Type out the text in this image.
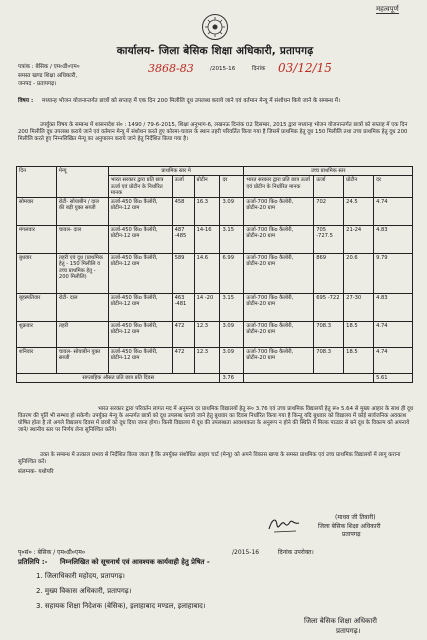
महत्वपूर्ण
कार्यालय- जिला बेसिक शिक्षा अधिकारी, प्रतापगढ़
पत्रांक : बेसिक / एम०डी०एम०	3868-83	/2015-16	दिनांक 03/12/15
समस्त खण्ड शिक्षा अधिकारी,
जनपद - प्रतापगढ़।
विषय : मध्यान्ह भोजन योजनान्तर्गत छात्रों को सप्ताह में एक दिन 200 मिलीलि दूध उपलब्ध कराये जाने एवं वर्तमान मेन्यू में संशोधन किये जाने के सम्बन्ध में।
उपर्युक्त विषय के सम्बन्ध में शासनादेश सं० : 1490 / 79-6-2015, शिक्षा अनुभाग-6, लखनऊ दिनांक 02 दिसम्बर, 2015 द्वारा मध्यान्ह भोजन योजनान्तर्गत छात्रों को सप्ताह में एक दिन 200 मिलीलि दूध उपलब्ध कराये जाने एवं वर्तमान मेन्यू में संशोधन करते हुए कोरमा-चावल के स्थान तहरी परिवर्तित किया गया है जिसमें प्राथमिक हेतु दूध 150 मिलीलि तथा उच्च प्राथमिक हेतु दूध 200 मिलीलि करते हुए निम्नलिखित मेन्यू का अनुपालन कराये जाने हेतु निर्देशित किया गया है।
दिन	मेन्यू	प्राथमिक स्तर मे				उच्च प्राथमिक स्तर			
		भारत सरकार द्वारा प्रति छात्र ऊर्जा एवं प्रोटीन के निर्धारित मानक	ऊर्जा	प्रोटीन	दर	भारत सरकार द्वारा प्रति छात्र ऊर्जा एवं प्रोटीन के निर्धारित मानक	ऊर्जा	प्रोटीन	दर
सोमवार	रोटी- सोयाबीन / दाल की बड़ी युक्त सब्जी	ऊर्जा-450 किo कैलोरी, प्रोटीन-12 ग्राम	458	16.3	3.09	ऊर्जा-700 किo कैलोरी, प्रोटीन-20 ग्राम	702	24.5	4.74
मंगलवार	चावल- दाल	ऊर्जा-450 किo कैलोरी, प्रोटीन-12 ग्राम	487 -485	14-16	3.15	ऊर्जा-700 किo कैलोरी, प्रोटीन-20 ग्राम	705 -727.5	21-24	4.83
बुधवार	तहरी एवं दूध (प्राथमिक हेतु - 150 मिलीलि व उच्च प्राथमिक हेतु - 200 मिलीलि)	ऊर्जा-450 किo कैलोरी, प्रोटीन-12 ग्राम	589	14.6	6.99	ऊर्जा-700 किo कैलोरी, प्रोटीन-20 ग्राम	869	20.6	9.79
बृहस्पतिवार	रोटी- दाल	ऊर्जा-450 किo कैलोरी, प्रोटीन-12 ग्राम	463 -481	14 -20	3.15	ऊर्जा-700 किo कैलोरी, प्रोटीन-20 ग्राम	695 -722	27-30	4.83
शुक्रवार	तहरी	ऊर्जा-450 किo कैलोरी, प्रोटीन-12 ग्राम	472	12.3	3.09	ऊर्जा-700 किo कैलोरी, प्रोटीन-20 ग्राम	708.3	18.5	4.74
शनिवार	चावल- सोयाबीन युक्त सब्जी	ऊर्जा-450 किo कैलोरी, प्रोटीन-12 ग्राम	472	12.3	3.09	ऊर्जा-700 किo कैलोरी, प्रोटीन-20 ग्राम	708.3	18.5	4.74
साप्ताहिक औसत प्रति छात्र प्रति दिवस					3.76				5.61
भारत सरकार द्वारा परिवर्तन लागत मद में अनुमन्य दर प्राथमिक विद्यालयों हेतु रू० 3.76 एवं उच्च प्राथमिक विद्यालयों हेतु रू० 5.64 से मुख्य आहार के साथ ही दूध वितरण की पूर्ति भी सम्भव हो सकेगी। उपर्युक्त मेन्यू के अन्तर्गत छात्रों को दूध उपलब्ध कराये जाने हेतु बुधवार का दिवस निर्धारित किया गया है किन्तु यदि बुधवार को विद्यालय में कोई सार्वजनिक अवकाश घोषित होता है तो अगले विद्यालय दिवस में छात्रों को दूध दिया जाना होगा। किसी विद्यालय में दूध की उपलब्धता आवश्यकता के अनुरूप न होने की स्थिति में मिल्क पाउडर से बने दूध के विकल्प को अपनाये जाने/ स्थानीय स्तर पर निर्णय लेना सुनिश्चित करेंगे।
उक्त के सम्बन्ध में तत्काल प्रभाव से निर्देशित किया जाता है कि उपर्युक्त संशोधित आहार चार्ट (मेन्यू) को अपने विकास खण्ड के समस्त प्राथमिक एवं उच्च प्राथमिक विद्यालयों में लागू कराना सुनिश्चित करें।
संलग्नक- यथोपरि
(माधव जी तिवारी)
जिला बेसिक शिक्षा अधिकारी
प्रतापगढ़
पृ०सं० : बेसिक / एम०डी०एम०	/2015-16	दिनांक उपरोक्त।
प्रतिलिपि :- निम्नलिखित को सूचनार्थ एवं आवश्यक कार्यवाही हेतु प्रेषित -
1. जिलाधिकारी महोदय, प्रतापगढ़।
2. मुख्य विकास अधिकारी, प्रतापगढ़।
3. सहायक शिक्षा निदेशक (बेसिक), इलाहाबाद मण्डल, इलाहाबाद।
जिला बेसिक शिक्षा अधिकारी
प्रतापगढ़।
